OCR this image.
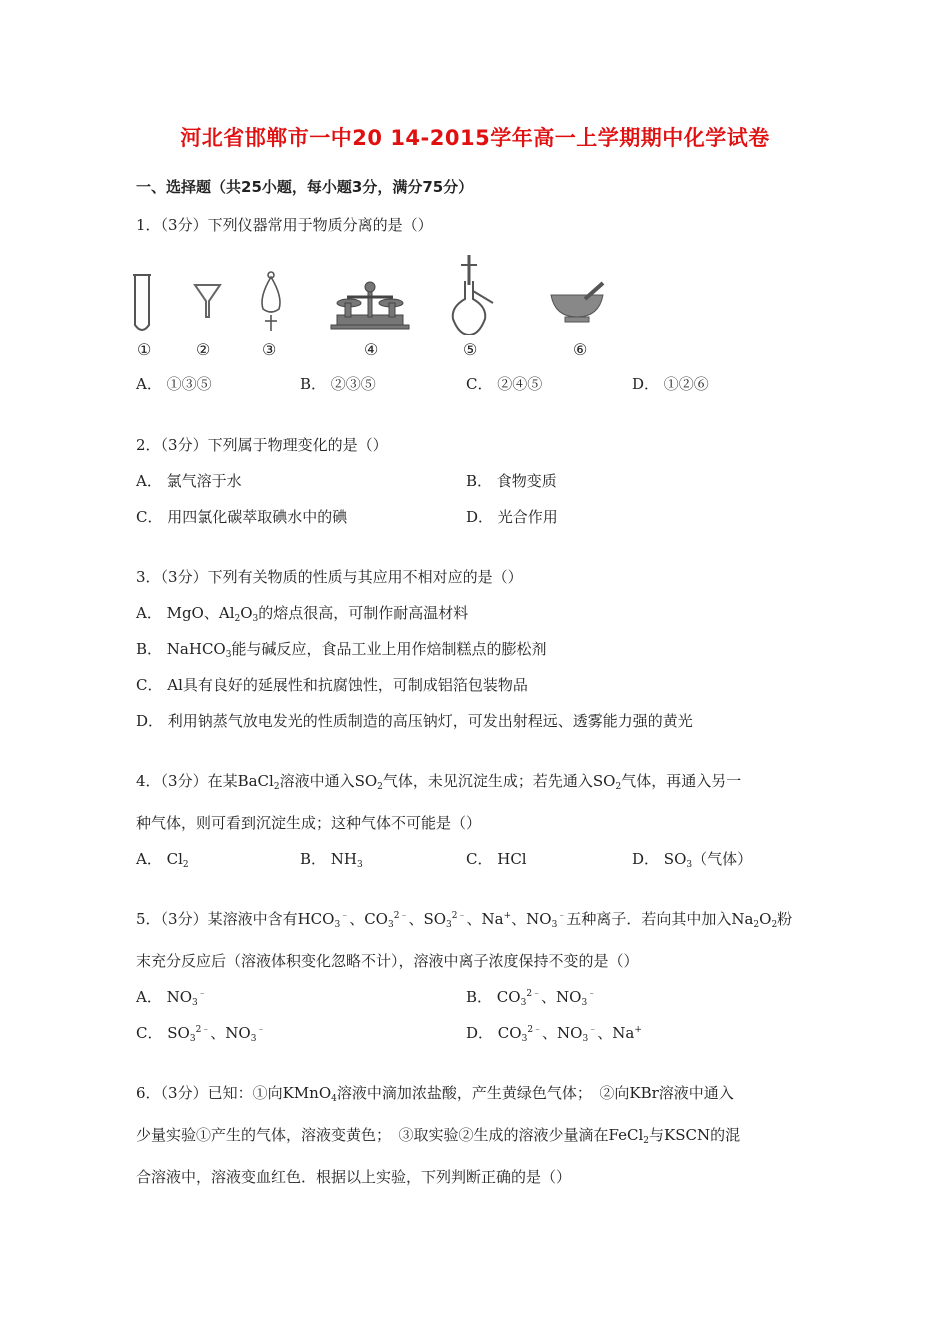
河北省邯郸市一中20 14-2015学年高一上学期期中化学试卷
一、选择题（共25小题，每小题3分，满分75分）
1．（3分）下列仪器常用于物质分离的是（）
①	②	③	④	⑤	⑥
A． ①③⑤	B． ②③⑤	C． ②④⑤	D． ①②⑥
2．（3分）下列属于物理变化的是（）
A． 氯气溶于水	B． 食物变质
C． 用四氯化碳萃取碘水中的碘	D． 光合作用
3．（3分）下列有关物质的性质与其应用不相对应的是（）
A． MgO、$Al_2O_3$的熔点很高，可制作耐高温材料
B． NaHCO$_3$能与碱反应，食品工业上用作焙制糕点的膨松剂
C． Al具有良好的延展性和抗腐蚀性，可制成铝箔包装物品
D． 利用钠蒸气放电发光的性质制造的高压钠灯，可发出射程远、透雾能力强的黄光
4．（3分）在某BaCl$_2$溶液中通入$SO_2$气体，未见沉淀生成；若先通入$SO_2$气体，再通入另一
种气体，则可看到沉淀生成；这种气体不可能是（）
A． $Cl_2$	B． $NH_3$	C． HCl	D． $SO_3$（气体）
5．（3分）某溶液中含有$HCO_3^﹣$、$CO_3^{2﹣}$、$SO_3^{2﹣}$、Na+、$NO_3^﹣$五种离子．若向其中加入$Na_2O_2$粉
末充分反应后（溶液体积变化忽略不计），溶液中离子浓度保持不变的是（）
A． $NO_3^﹣$	B． $CO_3^{2﹣}$、$NO_3^﹣$
C． $SO_3^{2﹣}$、$NO_3^﹣$	D． $CO_3^{2﹣}$、$NO_3^﹣$、Na+
6．（3分）已知：①向KMnO$_4$溶液中滴加浓盐酸，产生黄绿色气体；　②向KBr溶液中通入
少量实验①产生的气体，溶液变黄色；　③取实验②生成的溶液少量滴在FeCl$_2$与KSCN的混
合溶液中，溶液变血红色．根据以上实验，下列判断正确的是（）
